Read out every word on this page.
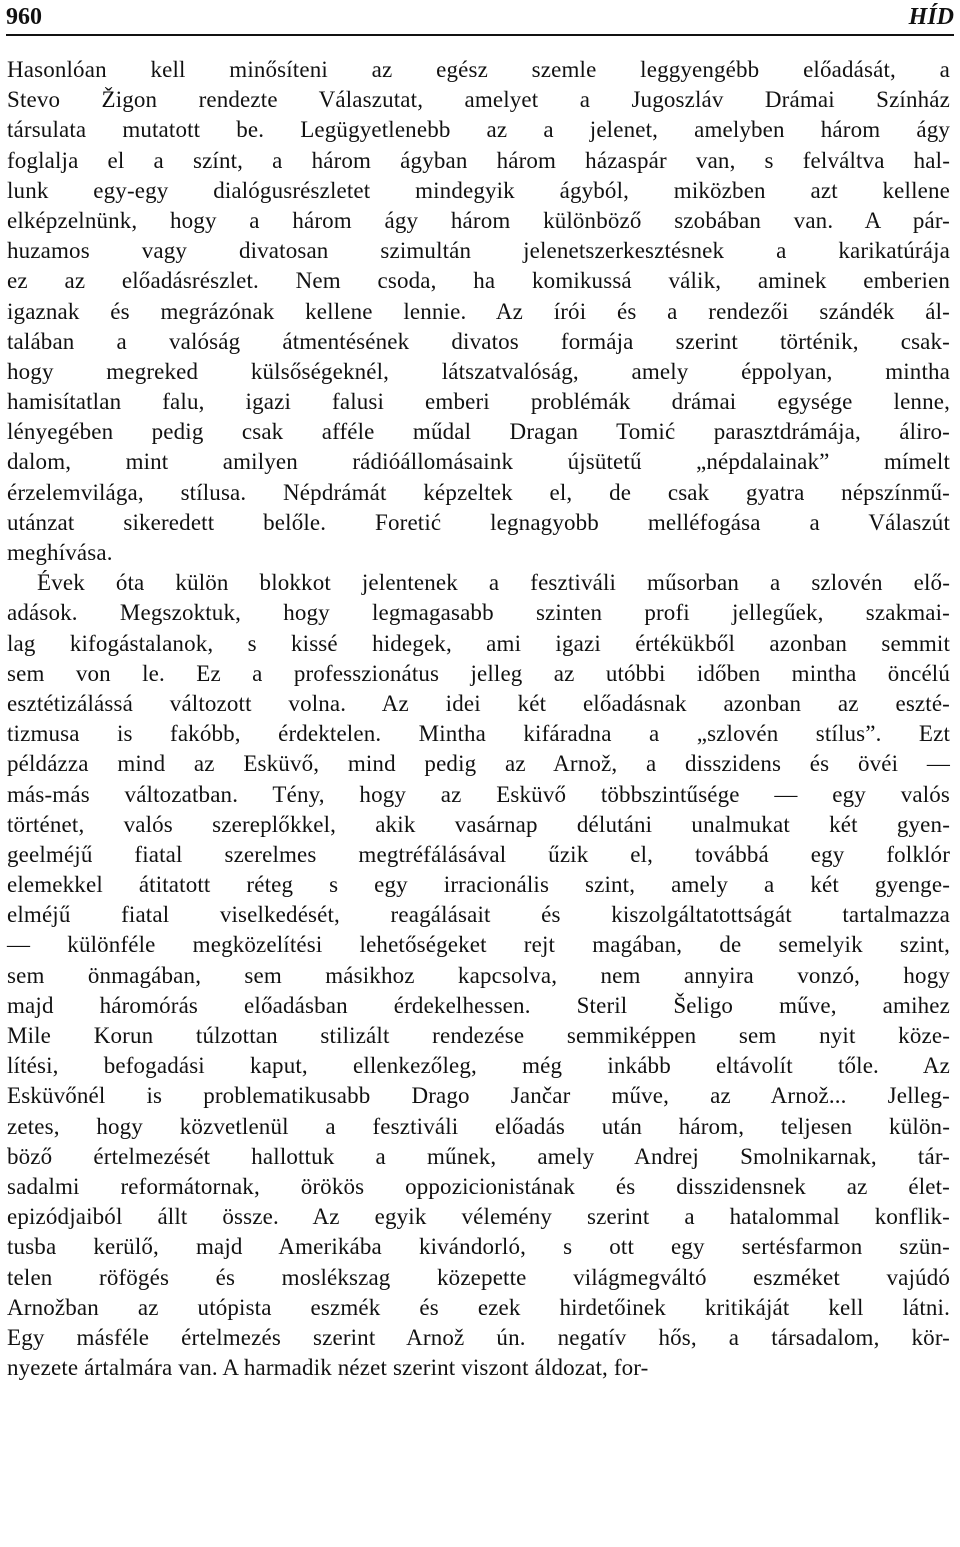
960	HÍD
Hasonlóan kell minősíteni az egész szemle leggyengébb előadását, a
Stevo Žigon rendezte Válaszutat, amelyet a Jugoszláv Drámai Színház
társulata mutatott be. Legügyetlenebb az a jelenet, amelyben három ágy
foglalja el a színt, a három ágyban három házaspár van, s felváltva hal-
lunk egy-egy dialógusrészletet mindegyik ágyból, miközben azt kellene
elképzelnünk, hogy a három ágy három különböző szobában van. A pár-
huzamos vagy divatosan szimultán jelenetszerkesztésnek a karikatúrája
ez az előadásrészlet. Nem csoda, ha komikussá válik, aminek emberien
igaznak és megrázónak kellene lennie. Az írói és a rendezői szándék ál-
talában a valóság átmentésének divatos formája szerint történik, csak-
hogy megreked külsőségeknél, látszatvalóság, amely éppolyan, mintha
hamisítatlan falu, igazi falusi emberi problémák drámai egysége lenne,
lényegében pedig csak afféle műdal Dragan Tomić parasztdrámája, áliro-
dalom, mint amilyen rádióállomásaink újsütetű „népdalainak” mímelt
érzelemvilága, stílusa. Népdrámát képzeltek el, de csak gyatra népszínmű-
utánzat sikeredett belőle. Foretić legnagyobb melléfogása a Válaszút
meghívása.
Évek óta külön blokkot jelentenek a fesztiváli műsorban a szlovén elő-
adások. Megszoktuk, hogy legmagasabb szinten profi jellegűek, szakmai-
lag kifogástalanok, s kissé hidegek, ami igazi értékükből azonban semmit
sem von le. Ez a professzionátus jelleg az utóbbi időben mintha öncélú
esztétizálássá változott volna. Az idei két előadásnak azonban az eszté-
tizmusa is fakóbb, érdektelen. Mintha kifáradna a „szlovén stílus”. Ezt
példázza mind az Esküvő, mind pedig az Arnož, a disszidens és övéi —
más-más változatban. Tény, hogy az Esküvő többszintűsége — egy valós
történet, valós szereplőkkel, akik vasárnap délutáni unalmukat két gyen-
geelméjű fiatal szerelmes megtréfálásával űzik el, továbbá egy folklór
elemekkel átitatott réteg s egy irracionális szint, amely a két gyenge-
elméjű fiatal viselkedését, reagálásait és kiszolgáltatottságát tartalmazza
— különféle megközelítési lehetőségeket rejt magában, de semelyik szint,
sem önmagában, sem másikhoz kapcsolva, nem annyira vonzó, hogy
majd háromórás előadásban érdekelhessen. Steril Šeligo műve, amihez
Mile Korun túlzottan stilizált rendezése semmiképpen sem nyit köze-
lítési, befogadási kaput, ellenkezőleg, még inkább eltávolít tőle. Az
Esküvőnél is problematikusabb Drago Jančar műve, az Arnož... Jelleg-
zetes, hogy közvetlenül a fesztiváli előadás után három, teljesen külön-
böző értelmezését hallottuk a műnek, amely Andrej Smolnikarnak, tár-
sadalmi reformátornak, örökös oppozicionistának és disszidensnek az élet-
epizódjaiból állt össze. Az egyik vélemény szerint a hatalommal konflik-
tusba kerülő, majd Amerikába kivándorló, s ott egy sertésfarmon szün-
telen röfögés és moslékszag közepette világmegváltó eszméket vajúdó
Arnožban az utópista eszmék és ezek hirdetőinek kritikáját kell látni.
Egy másféle értelmezés szerint Arnož ún. negatív hős, a társadalom, kör-
nyezete ártalmára van. A harmadik nézet szerint viszont áldozat, for-
